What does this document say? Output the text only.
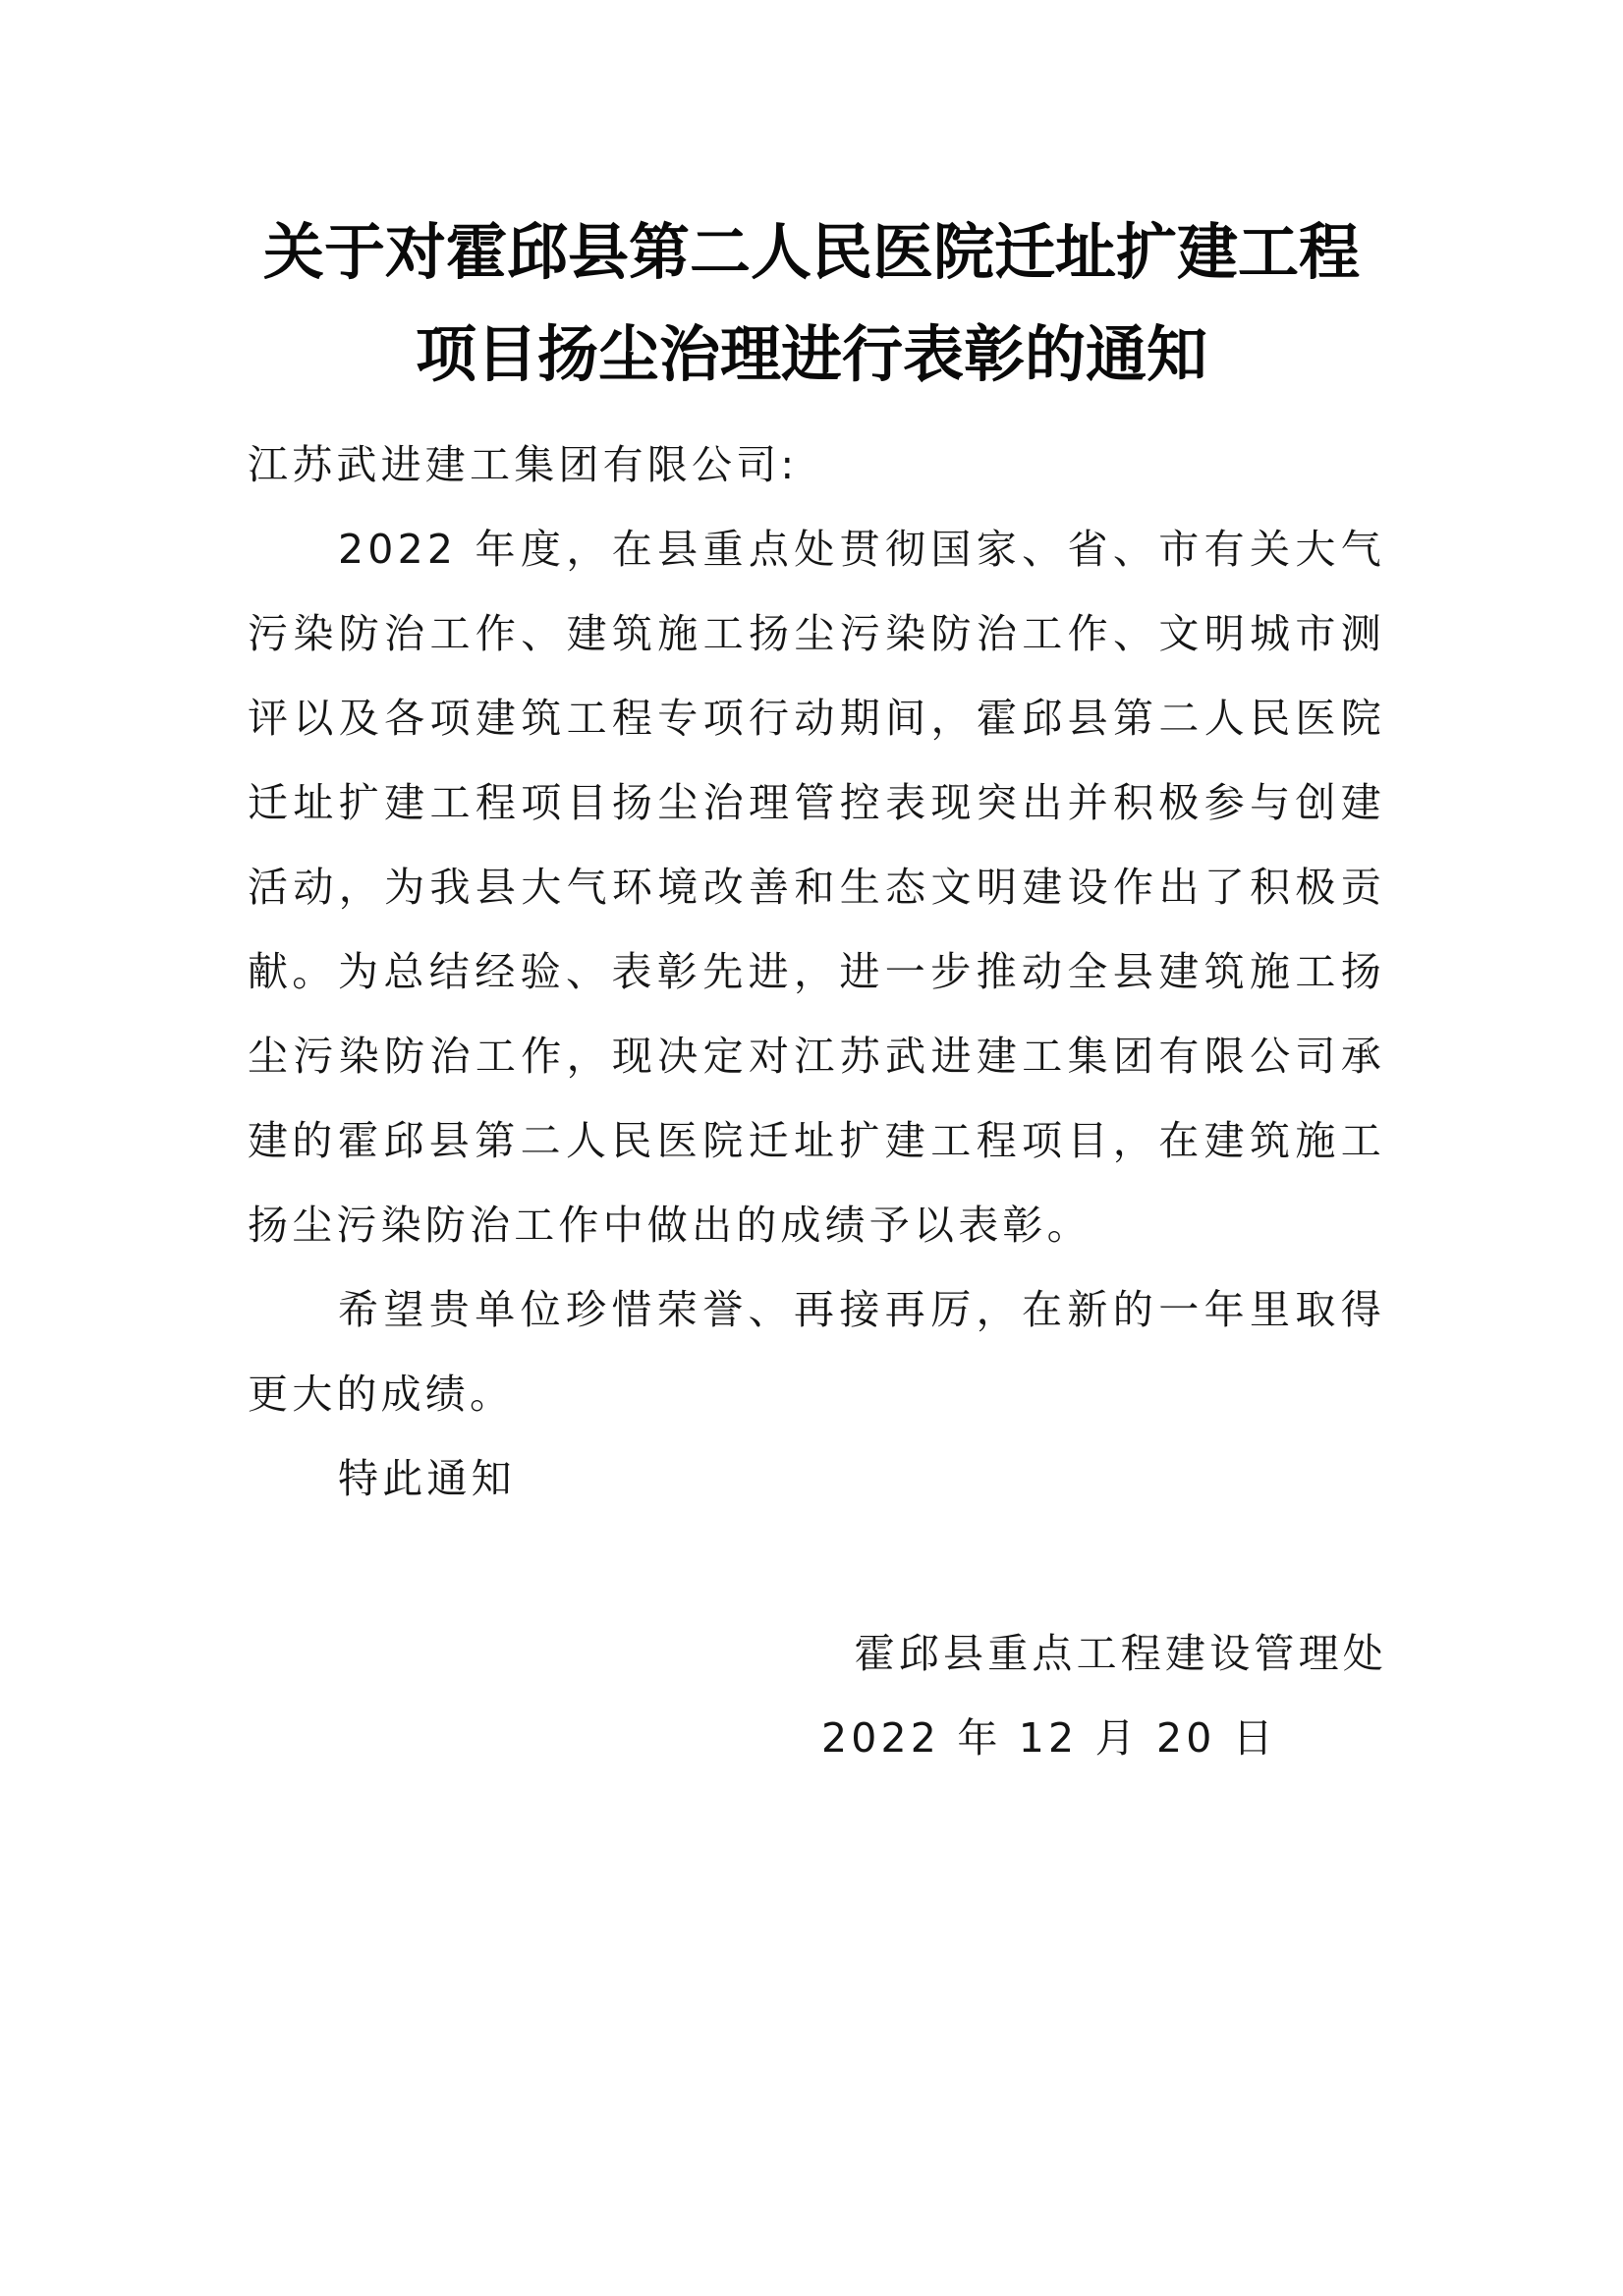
关于对霍邱县第二人民医院迁址扩建工程
项目扬尘治理进行表彰的通知
江苏武进建工集团有限公司:
2022 年度，在县重点处贯彻国家、省、市有关大气污染防治工作、建筑施工扬尘污染防治工作、文明城市测评以及各项建筑工程专项行动期间，霍邱县第二人民医院迁址扩建工程项目扬尘治理管控表现突出并积极参与创建活动，为我县大气环境改善和生态文明建设作出了积极贡献。 为总结经验、表彰先进，进一步推动全县建筑施工扬尘污染防治工作，现决定对江苏武进建工集团有限公司承建的 霍邱县第二人民医院迁址扩建工程项目，在建筑施工扬尘污染防治工作中做出的成绩予以表彰。
希望贵单位珍惜荣誉、再接再厉，在新的一年里取得更大的成绩。
特此通知
霍邱县重点工程建设管理处
2022 年 12 月 20 日
